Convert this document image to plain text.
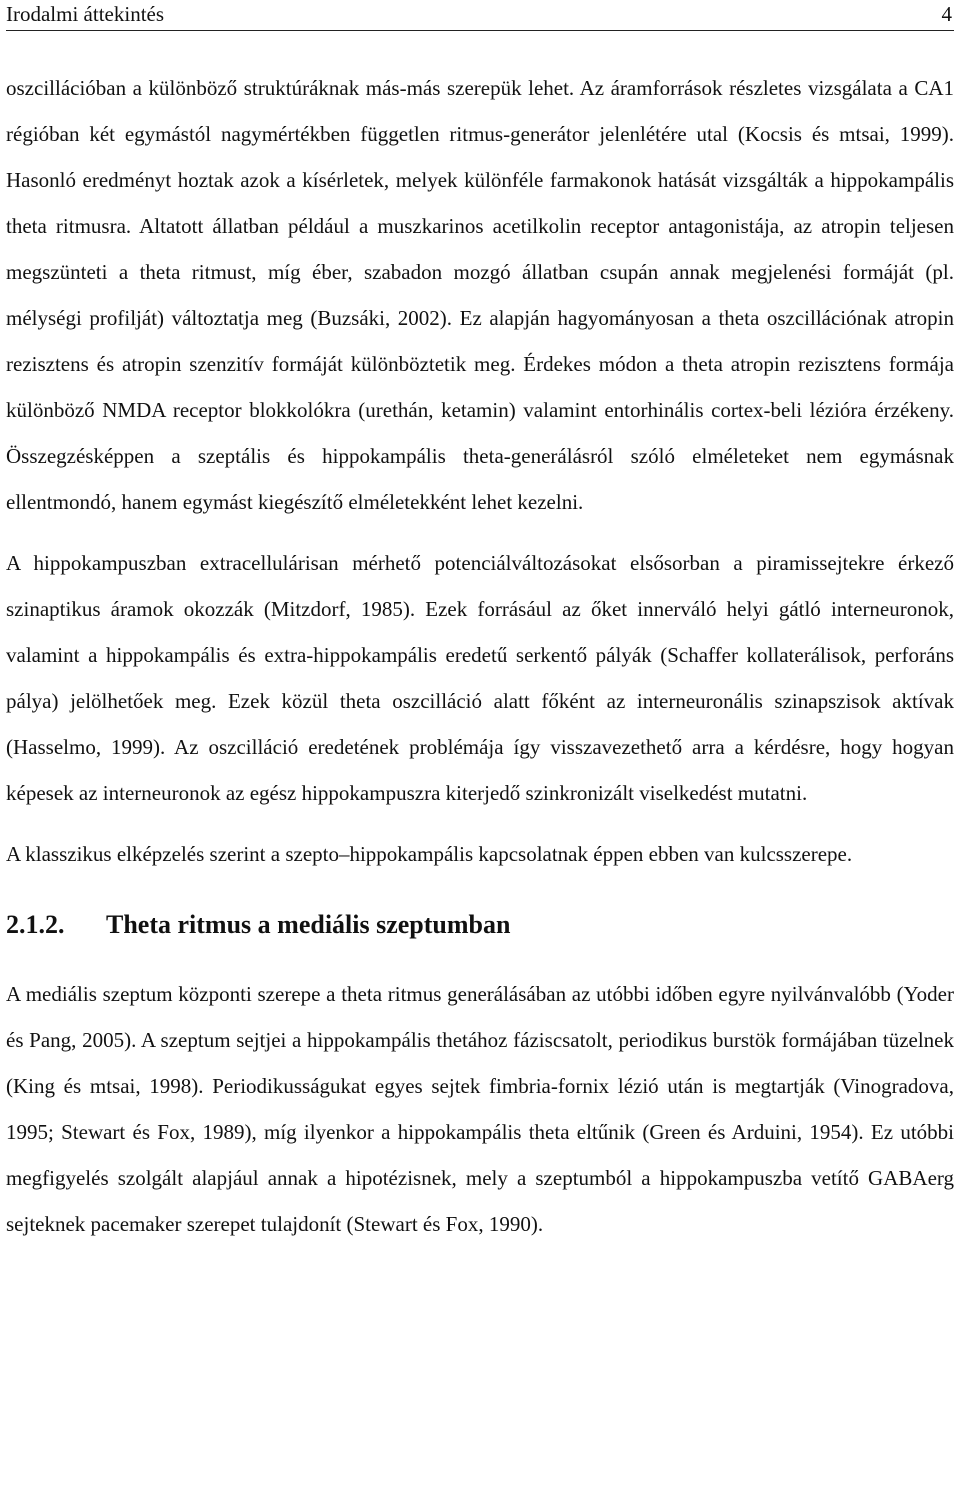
Irodalmi áttekintés	4

oszcillációban a különböző struktúráknak más-más szerepük lehet. Az áramforrások részletes vizsgálata a CA1 régióban két egymástól nagymértékben független ritmus-generátor jelenlétére utal (Kocsis és mtsai, 1999). Hasonló eredményt hoztak azok a kísérletek, melyek különféle farmakonok hatását vizsgálták a hippokampális theta ritmusra. Altatott állatban például a muszkarinos acetilkolin receptor antagonistája, az atropin teljesen megszünteti a theta ritmust, míg éber, szabadon mozgó állatban csupán annak megjelenési formáját (pl. mélységi profilját) változtatja meg (Buzsáki, 2002). Ez alapján hagyományosan a theta oszcillációnak atropin rezisztens és atropin szenzitív formáját különböztetik meg. Érdekes módon a theta atropin rezisztens formája különböző NMDA receptor blokkolókra (urethán, ketamin) valamint entorhinális cortex-beli lézióra érzékeny. Összegzésképpen a szeptális és hippokampális theta-generálásról szóló elméleteket nem egymásnak ellentmondó, hanem egymást kiegészítő elméletekként lehet kezelni.

A hippokampuszban extracellulárisan mérhető potenciálváltozásokat elsősorban a piramissejtekre érkező szinaptikus áramok okozzák (Mitzdorf, 1985). Ezek forrásául az őket innerváló helyi gátló interneuronok, valamint a hippokampális és extra-hippokampális eredetű serkentő pályák (Schaffer kollaterálisok, perforáns pálya) jelölhetőek meg. Ezek közül theta oszcilláció alatt főként az interneuronális szinapszisok aktívak (Hasselmo, 1999). Az oszcilláció eredetének problémája így visszavezethető arra a kérdésre, hogy hogyan képesek az interneuronok az egész hippokampuszra kiterjedő szinkronizált viselkedést mutatni.

A klasszikus elképzelés szerint a szepto–hippokampális kapcsolatnak éppen ebben van kulcsszerepe.

2.1.2. Theta ritmus a mediális szeptumban

A mediális szeptum központi szerepe a theta ritmus generálásában az utóbbi időben egyre nyilvánvalóbb (Yoder és Pang, 2005). A szeptum sejtjei a hippokampális thetához fáziscsatolt, periodikus burstök formájában tüzelnek (King és mtsai, 1998). Periodikusságukat egyes sejtek fimbria-fornix lézió után is megtartják (Vinogradova, 1995; Stewart és Fox, 1989), míg ilyenkor a hippokampális theta eltűnik (Green és Arduini, 1954). Ez utóbbi megfigyelés szolgált alapjául annak a hipotézisnek, mely a szeptumból a hippokampuszba vetítő GABAerg sejteknek pacemaker szerepet tulajdonít (Stewart és Fox, 1990).
